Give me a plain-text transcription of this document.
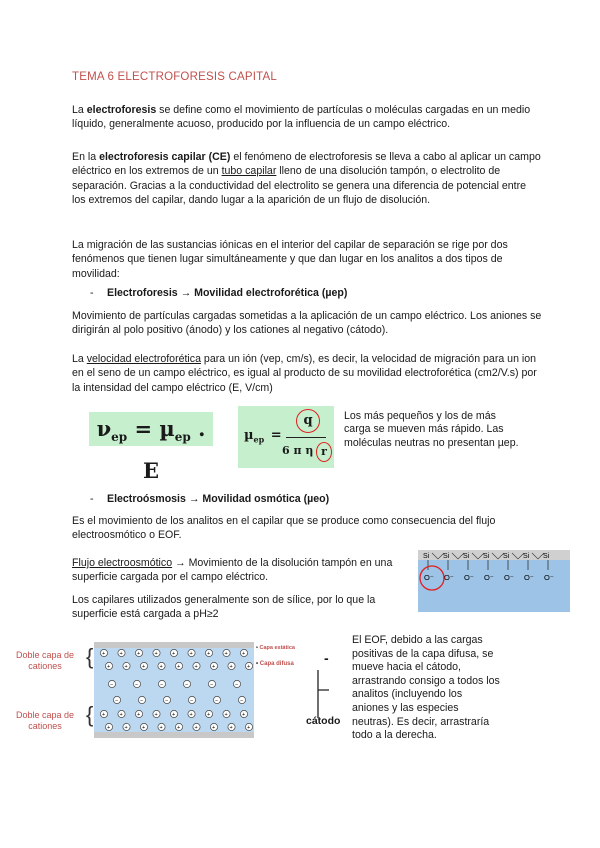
TEMA 6 ELECTROFORESIS CAPITAL
La electroforesis se define como el movimiento de partículas o moléculas cargadas en un medio líquido, generalmente acuoso, producido por la influencia de un campo eléctrico.
En la electroforesis capilar (CE) el fenómeno de electroforesis se lleva a cabo al aplicar un campo eléctrico en los extremos de un tubo capilar lleno de una disolución tampón, o electrolito de separación. Gracias a la conductividad del electrolito se genera una diferencia de potencial entre los extremos del capilar, dando lugar a la aparición de un flujo de disolución.
La migración de las sustancias iónicas en el interior del capilar de separación se rige por dos fenómenos que tienen lugar simultáneamente y que dan lugar en los analitos a dos tipos de movilidad:
- Electroforesis → Movilidad electroforética (µep)
Movimiento de partículas cargadas sometidas a la aplicación de un campo eléctrico. Los aniones se dirigirán al polo positivo (ánodo) y los cationes al negativo (cátodo).
La velocidad electroforética para un ión (vep, cm/s), es decir, la velocidad de migración para un ion en el seno de un campo eléctrico, es igual al producto de su movilidad electroforética (cm2/V.s) por la intensidad del campo eléctrico (E, V/cm)
$\nu_{ep} = \mu_{ep}$ . E
µ$_{ep}$ =
q
6 π η r
Los más pequeños y los de más carga se mueven más rápido. Las moléculas neutras no presentan µep.
- Electroósmosis → Movilidad osmótica (µeo)
Es el movimiento de los analitos en el capilar que se produce como consecuencia del flujo electroosmótico o EOF.
Flujo electroosmótico → Movimiento de la disolución tampón en una superficie cargada por el campo eléctrico.
Los capilares utilizados generalmente son de sílice, por lo que la superficie está cargada a pH≥2
Si
O⁻
Si
O⁻
Si
O⁻
Si
O⁻
Si
O⁻
Si
O⁻
Si
O⁻
Doble capa de cationes
Doble capa de cationes
{
{
+	+	+	+	+	+	+	+	+
+	+	+	+	+	+	+	+	+
−	−	−	−	−	−
−	−	−	−	−	−
+	+	+	+	+	+	+	+	+
+	+	+	+	+	+	+	+	+
• Capa estática
• Capa difusa -
cátodo
El EOF, debido a las cargas positivas de la capa difusa, se mueve hacia el cátodo, arrastrando consigo a todos los analitos (incluyendo los aniones y las especies neutras). Es decir, arrastraría todo a la derecha.
